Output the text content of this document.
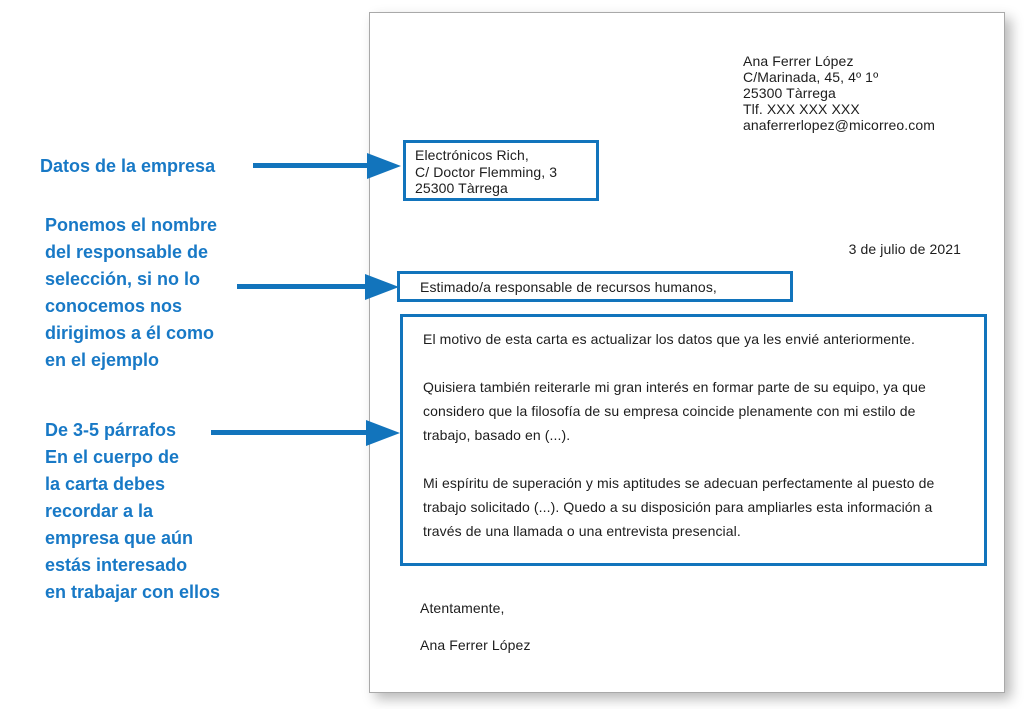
Ana Ferrer López
C/Marinada, 45, 4º 1º
25300 Tàrrega
Tlf. XXX XXX XXX
anaferrerlopez@micorreo.com
Electrónicos Rich,
C/ Doctor Flemming, 3
25300 Tàrrega
3 de julio de 2021
Estimado/a responsable de recursos humanos,

El motivo de esta carta es actualizar los datos que ya les envié anteriormente.

Quisiera también reiterarle mi gran interés en formar parte de su equipo, ya que considero que la filosofía de su empresa coincide plenamente con mi estilo de trabajo, basado en (...).

Mi espíritu de superación y mis aptitudes se adecuan perfectamente al puesto de trabajo solicitado (...). Quedo a su disposición para ampliarles esta información a través de una llamada o una entrevista presencial.

Atentamente,
Ana Ferrer López
Datos de la empresa
Ponemos el nombre
del responsable de
selección, si no lo
conocemos nos
dirigimos a él como
en el ejemplo
De 3-5 párrafos
En el cuerpo de
la carta debes
recordar a la
empresa que aún
estás interesado
en trabajar con ellos
